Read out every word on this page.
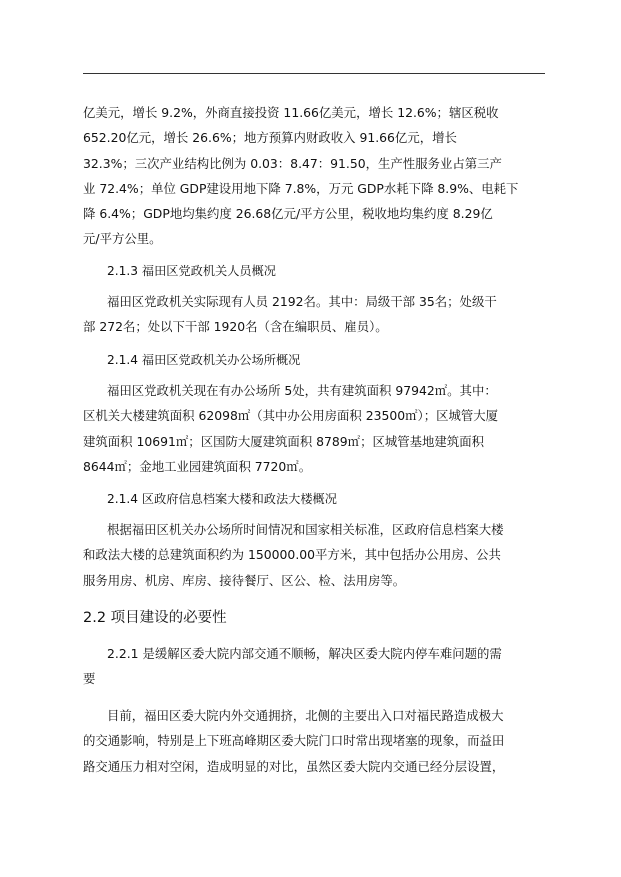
亿美元，增长 9.2%，外商直接投资 11.66亿美元，增长 12.6%；辖区税收
652.20亿元，增长 26.6%；地方预算内财政收入 91.66亿元，增长
32.3%；三次产业结构比例为 0.03：8.47：91.50，生产性服务业占第三产
业 72.4%；单位 GDP建设用地下降 7.8%，万元 GDP水耗下降 8.9%、电耗下
降 6.4%；GDP地均集约度 26.68亿元/平方公里，税收地均集约度 8.29亿
元/平方公里。
2.1.3 福田区党政机关人员概况
福田区党政机关实际现有人员 2192名。其中：局级干部 35名；处级干
部 272名；处以下干部 1920名（含在编职员、雇员）。
2.1.4 福田区党政机关办公场所概况
福田区党政机关现在有办公场所 5处，共有建筑面积 97942㎡。其中：
区机关大楼建筑面积 62098㎡（其中办公用房面积 23500㎡）；区城管大厦
建筑面积 10691㎡；区国防大厦建筑面积 8789㎡；区城管基地建筑面积
8644㎡；金地工业园建筑面积 7720㎡。
2.1.4 区政府信息档案大楼和政法大楼概况
根据福田区机关办公场所时间情况和国家相关标准，区政府信息档案大楼
和政法大楼的总建筑面积约为 150000.00平方米，其中包括办公用房、公共
服务用房、机房、库房、接待餐厅、区公、检、法用房等。
2.2 项目建设的必要性
2.2.1 是缓解区委大院内部交通不顺畅，解决区委大院内停车难问题的需
要
目前，福田区委大院内外交通拥挤，北侧的主要出入口对福民路造成极大
的交通影响，特别是上下班高峰期区委大院门口时常出现堵塞的现象，而益田
路交通压力相对空闲，造成明显的对比，虽然区委大院内交通已经分层设置，
